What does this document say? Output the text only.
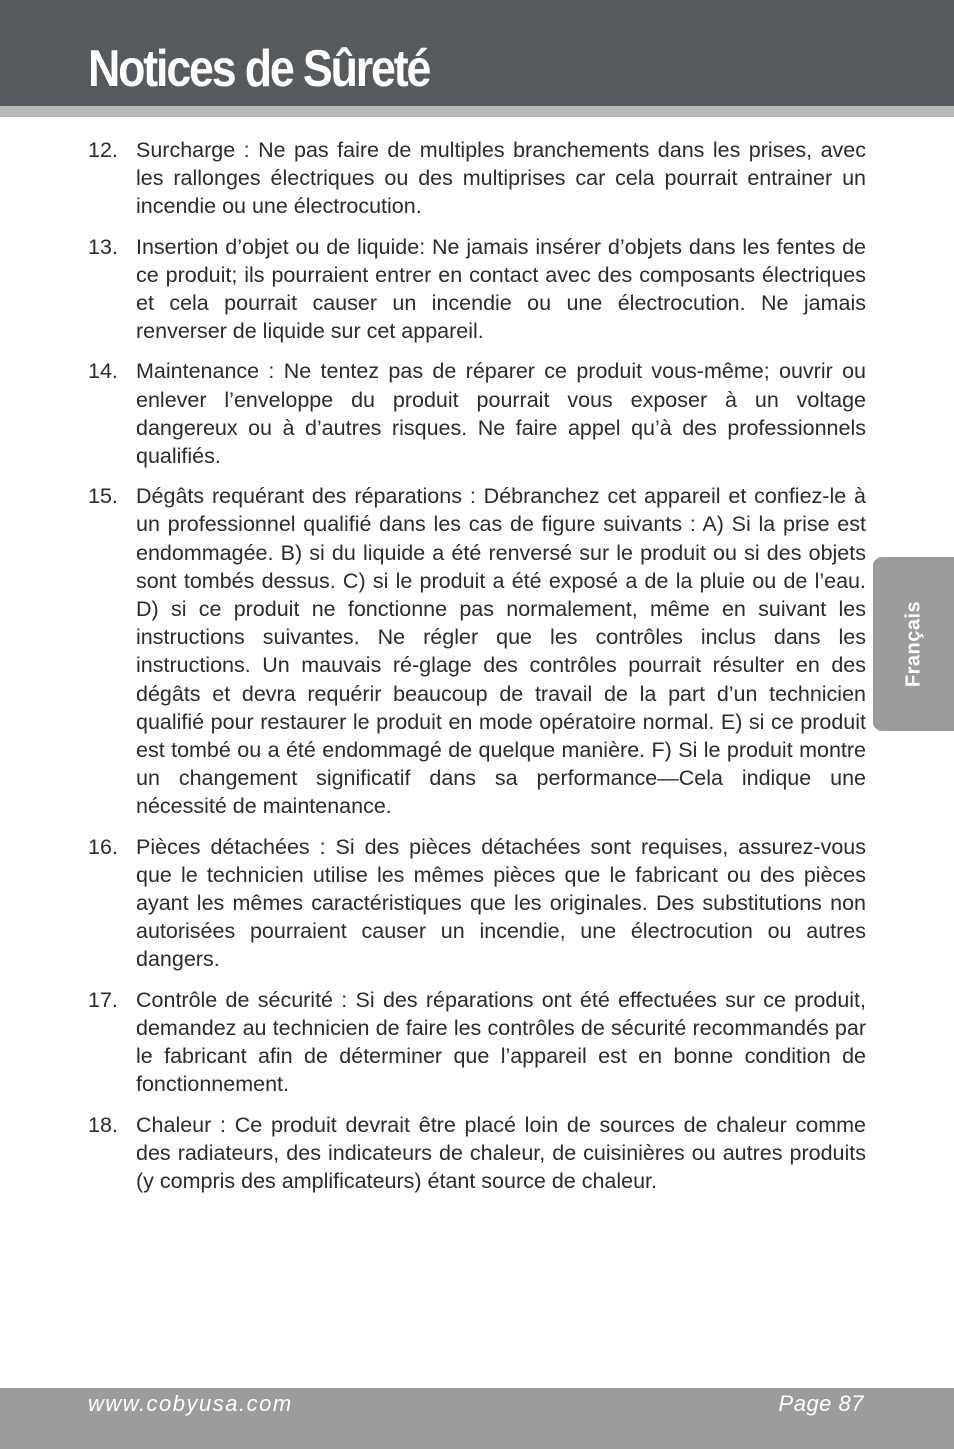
Notices de Sûreté
Français
12. Surcharge : Ne pas faire de multiples branchements dans les prises, avec les rallonges électriques ou des multiprises car cela pourrait entrainer un incendie ou une électrocution.
13. Insertion d’objet ou de liquide: Ne jamais insérer d’objets dans les fentes de ce produit; ils pourraient entrer en contact avec des composants électriques et cela pourrait causer un incendie ou une électrocution. Ne jamais renverser de liquide sur cet appareil.
14. Maintenance : Ne tentez pas de réparer ce produit vous-même; ouvrir ou enlever l’enveloppe du produit pourrait vous exposer à un voltage dangereux ou à d’autres risques. Ne faire appel qu’à des professionnels qualifiés.
15. Dégâts requérant des réparations : Débranchez cet appareil et confiez-le à un professionnel qualifié dans les cas de figure suivants : A) Si la prise est endommagée. B) si du liquide a été renversé sur le produit ou si des objets sont tombés dessus. C) si le produit a été exposé a de la pluie ou de l’eau. D) si ce produit ne fonctionne pas normalement, même en suivant les instructions suivantes. Ne régler que les contrôles inclus dans les instructions. Un mauvais ré-glage des contrôles pourrait résulter en des dégâts et devra requérir beaucoup de travail de la part d’un technicien qualifié pour restaurer le produit en mode opératoire normal. E) si ce produit est tombé ou a été endommagé de quelque manière. F) Si le produit montre un changement significatif dans sa performance—Cela indique une nécessité de maintenance.
16. Pièces détachées : Si des pièces détachées sont requises, assurez-vous que le technicien utilise les mêmes pièces que le fabricant ou des pièces ayant les mêmes caractéristiques que les originales. Des substitutions non autorisées pourraient causer un incendie, une électrocution ou autres dangers.
17. Contrôle de sécurité : Si des réparations ont été effectuées sur ce produit, demandez au technicien de faire les contrôles de sécurité recommandés par le fabricant afin de déterminer que l’appareil est en bonne condition de fonctionnement.
18. Chaleur : Ce produit devrait être placé loin de sources de chaleur comme des radiateurs, des indicateurs de chaleur, de cuisinières ou autres produits (y compris des amplificateurs) étant source de chaleur.
www.cobyusa.com	Page 87
